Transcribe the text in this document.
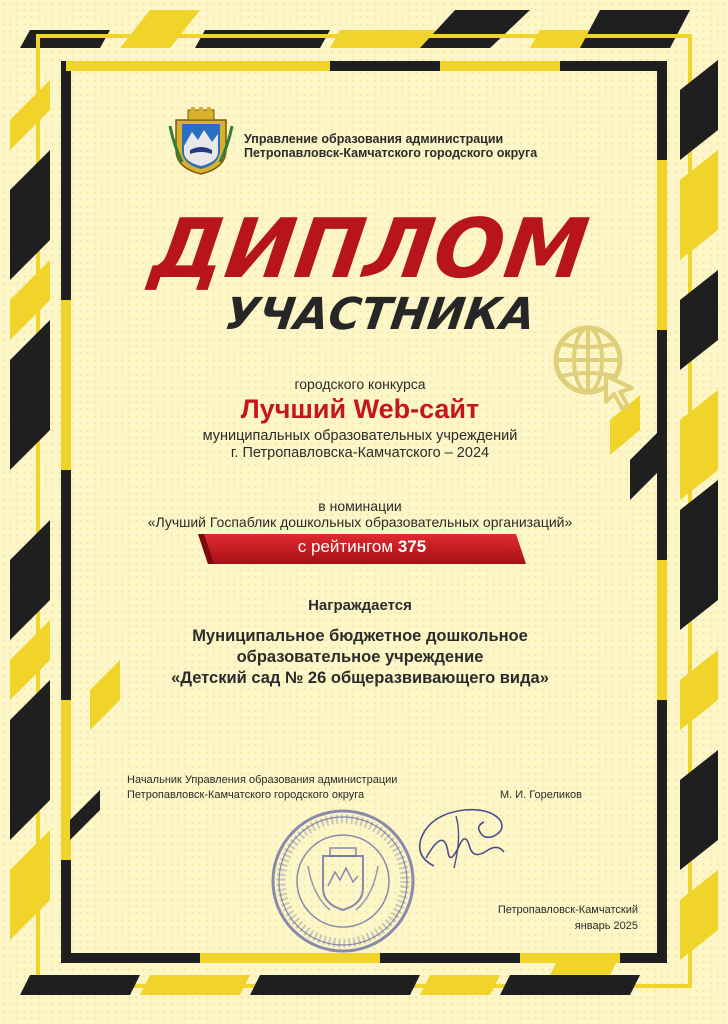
Управление образования администрации
Петропавловск-Камчатского городского округа
ДИПЛОМ
УЧАСТНИКА
городского конкурса
Лучший Web-сайт
муниципальных образовательных учреждений
г. Петропавловска-Камчатского – 2024
в номинации
«Лучший Госпаблик дошкольных образовательных организаций»
с рейтингом 375
Награждается
Муниципальное бюджетное дошкольное
образовательное учреждение
«Детский сад № 26 общеразвивающего вида»
Начальник Управления образования администрации
Петропавловск-Камчатского городского округа	М. И. Гореликов
Петропавловск-Камчатский
январь 2025
